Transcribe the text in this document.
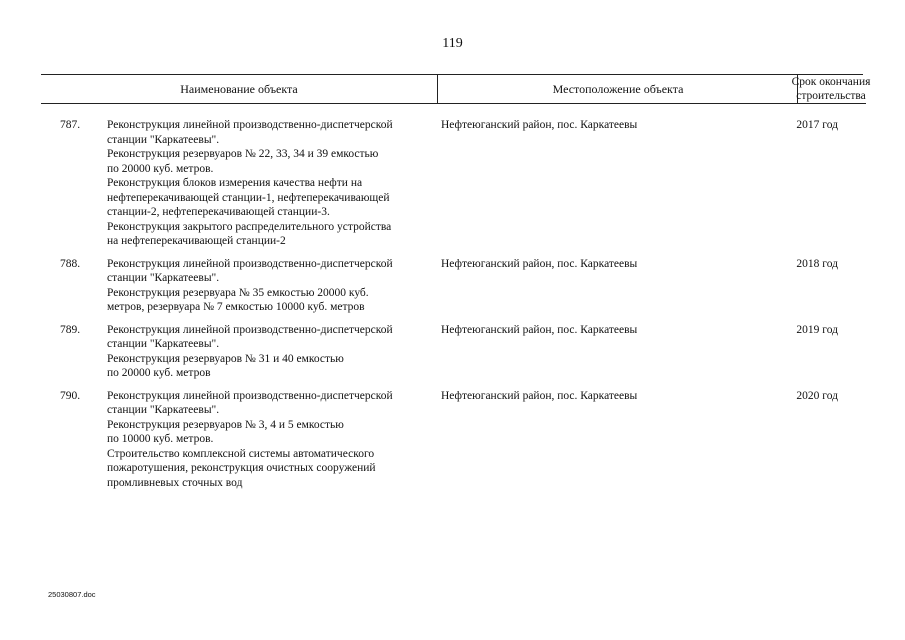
119
Наименование объекта	Местоположение объекта	Срок окончания
строительства
787.	Реконструкция линейной производственно-диспетчерской
станции "Каркатеевы".
Реконструкция резервуаров № 22, 33, 34 и 39 емкостью
по 20000 куб. метров.
Реконструкция блоков измерения качества нефти на
нефтеперекачивающей станции-1, нефтеперекачивающей
станции-2, нефтеперекачивающей станции-3.
Реконструкция закрытого распределительного устройства
на нефтеперекачивающей станции-2
Нефтеюганский район, пос. Каркатеевы	2017 год
788.	Реконструкция линейной производственно-диспетчерской
станции "Каркатеевы".
Реконструкция резервуара № 35 емкостью 20000 куб.
метров, резервуара № 7 емкостью 10000 куб. метров
Нефтеюганский район, пос. Каркатеевы	2018 год
789.	Реконструкция линейной производственно-диспетчерской
станции "Каркатеевы".
Реконструкция резервуаров № 31 и 40 емкостью
по 20000 куб. метров
Нефтеюганский район, пос. Каркатеевы	2019 год
790.	Реконструкция линейной производственно-диспетчерской
станции "Каркатеевы".
Реконструкция резервуаров № 3, 4 и 5 емкостью
по 10000 куб. метров.
Строительство комплексной системы автоматического
пожаротушения, реконструкция очистных сооружений
промливневых сточных вод
Нефтеюганский район, пос. Каркатеевы	2020 год
25030807.doc
